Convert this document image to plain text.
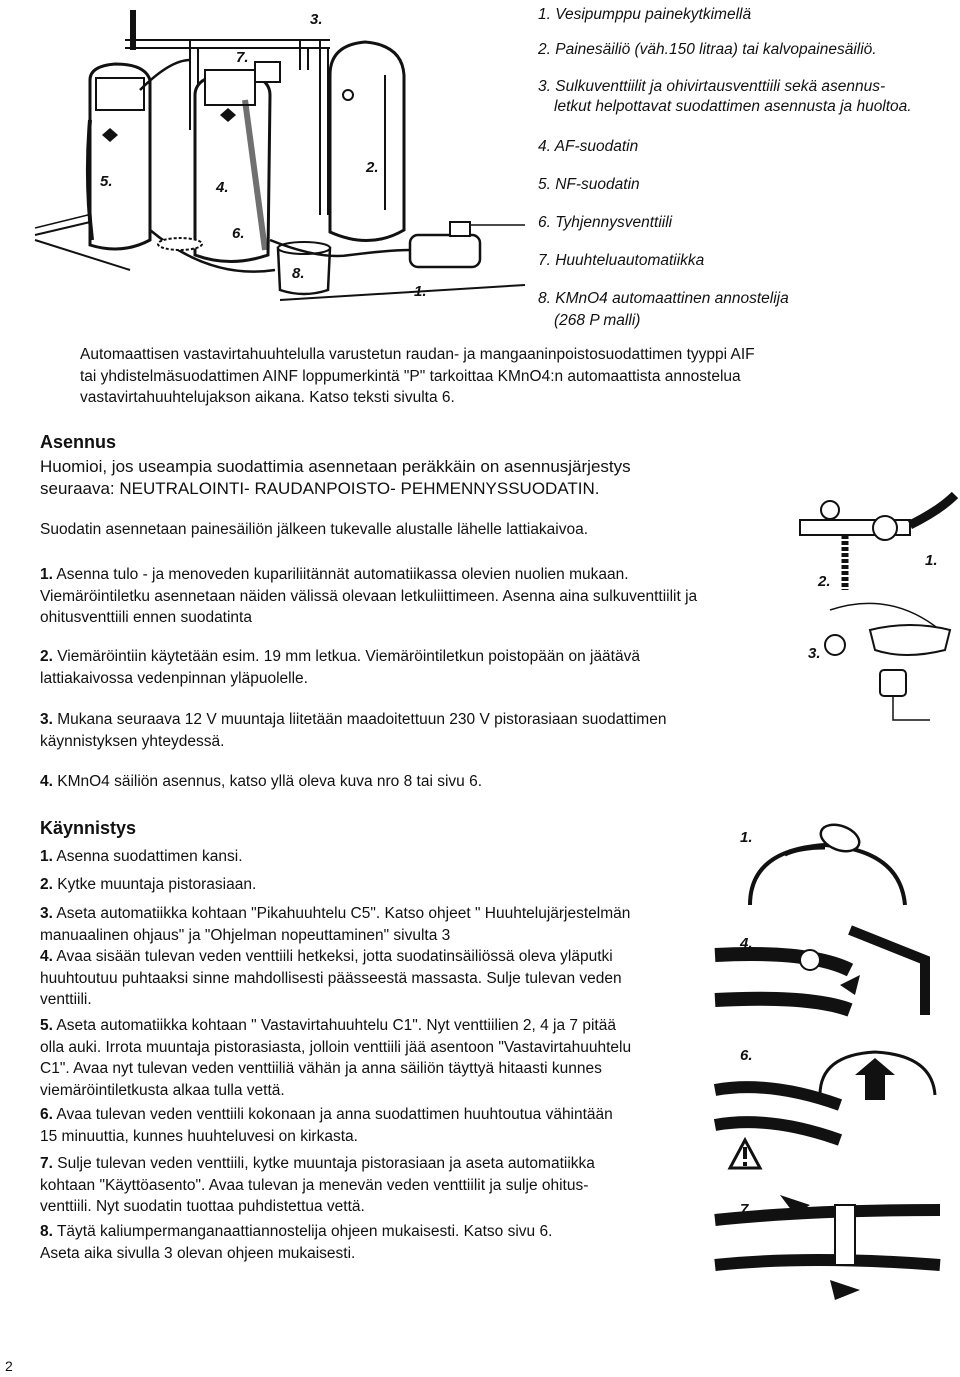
3.
7.
5.	4.
2.
6.
8.
1.
1. Vesipumppu painekytkimellä
2. Painesäiliö (väh.150 litraa) tai kalvopainesäiliö.
3. Sulkuventtiilit ja ohivirtausventtiili sekä asennus-
letkut helpottavat suodattimen asennusta ja huoltoa.
4. AF-suodatin
5. NF-suodatin
6. Tyhjennysventtiili
7. Huuhteluautomatiikka
8. KMnO4 automaattinen annostelija
(268 P malli)
Automaattisen vastavirtahuuhtelulla varustetun raudan- ja mangaaninpoistosuodattimen tyyppi AIF
tai yhdistelmäsuodattimen AINF loppumerkintä "P" tarkoittaa KMnO4:n automaattista annostelua
vastavirtahuuhtelujakson aikana. Katso teksti sivulta 6.
Asennus
Huomioi, jos useampia suodattimia asennetaan peräkkäin on asennusjärjestys
seuraava: NEUTRALOINTI- RAUDANPOISTO- PEHMENNYSSUODATIN.
Suodatin asennetaan painesäiliön jälkeen tukevalle alustalle lähelle lattiakaivoa.
1. Asenna tulo - ja menoveden kupariliitännät automatiikassa olevien nuolien mukaan.
Viemäröintiletku asennetaan näiden välissä olevaan letkuliittimeen. Asenna aina sulkuventtiilit ja
ohitusventtiili ennen suodatinta
2. Viemäröintiin käytetään esim. 19 mm letkua. Viemäröintiletkun poistopään on jäätävä
lattiakaivossa vedenpinnan yläpuolelle.
3. Mukana seuraava 12 V muuntaja liitetään maadoitettuun 230 V pistorasiaan suodattimen
käynnistyksen yhteydessä.
4. KMnO4 säiliön asennus, katso yllä oleva kuva nro 8 tai sivu 6.
1.
2.
3.
Käynnistys
1. Asenna suodattimen kansi.
2. Kytke muuntaja pistorasiaan.
3. Aseta automatiikka kohtaan "Pikahuuhtelu C5". Katso ohjeet " Huuhtelujärjestelmän
manuaalinen ohjaus" ja "Ohjelman nopeuttaminen" sivulta 3
4. Avaa sisään tulevan veden venttiili hetkeksi, jotta suodatinsäiliössä oleva yläputki
huuhtoutuu puhtaaksi sinne mahdollisesti päässeestä massasta. Sulje tulevan veden
venttiili.
5. Aseta automatiikka kohtaan " Vastavirtahuuhtelu C1". Nyt venttiilien 2, 4 ja 7 pitää
olla auki. Irrota muuntaja pistorasiasta, jolloin venttiili jää asentoon "Vastavirtahuuhtelu
C1". Avaa nyt tulevan veden venttiiliä vähän ja anna säiliön täyttyä hitaasti kunnes
viemäröintiletkusta alkaa tulla vettä.
6. Avaa tulevan veden venttiili kokonaan ja anna suodattimen huuhtoutua vähintään
15 minuuttia, kunnes huuhteluvesi on kirkasta.
7. Sulje tulevan veden venttiili, kytke muuntaja pistorasiaan ja aseta automatiikka
kohtaan "Käyttöasento". Avaa tulevan ja menevän veden venttiilit ja sulje ohitus-
venttiili. Nyt suodatin tuottaa puhdistettua vettä.
8. Täytä kaliumpermanganaattiannostelija ohjeen mukaisesti. Katso sivu 6.
Aseta aika sivulla 3 olevan ohjeen mukaisesti.
1.
4.
6.
7.
2
